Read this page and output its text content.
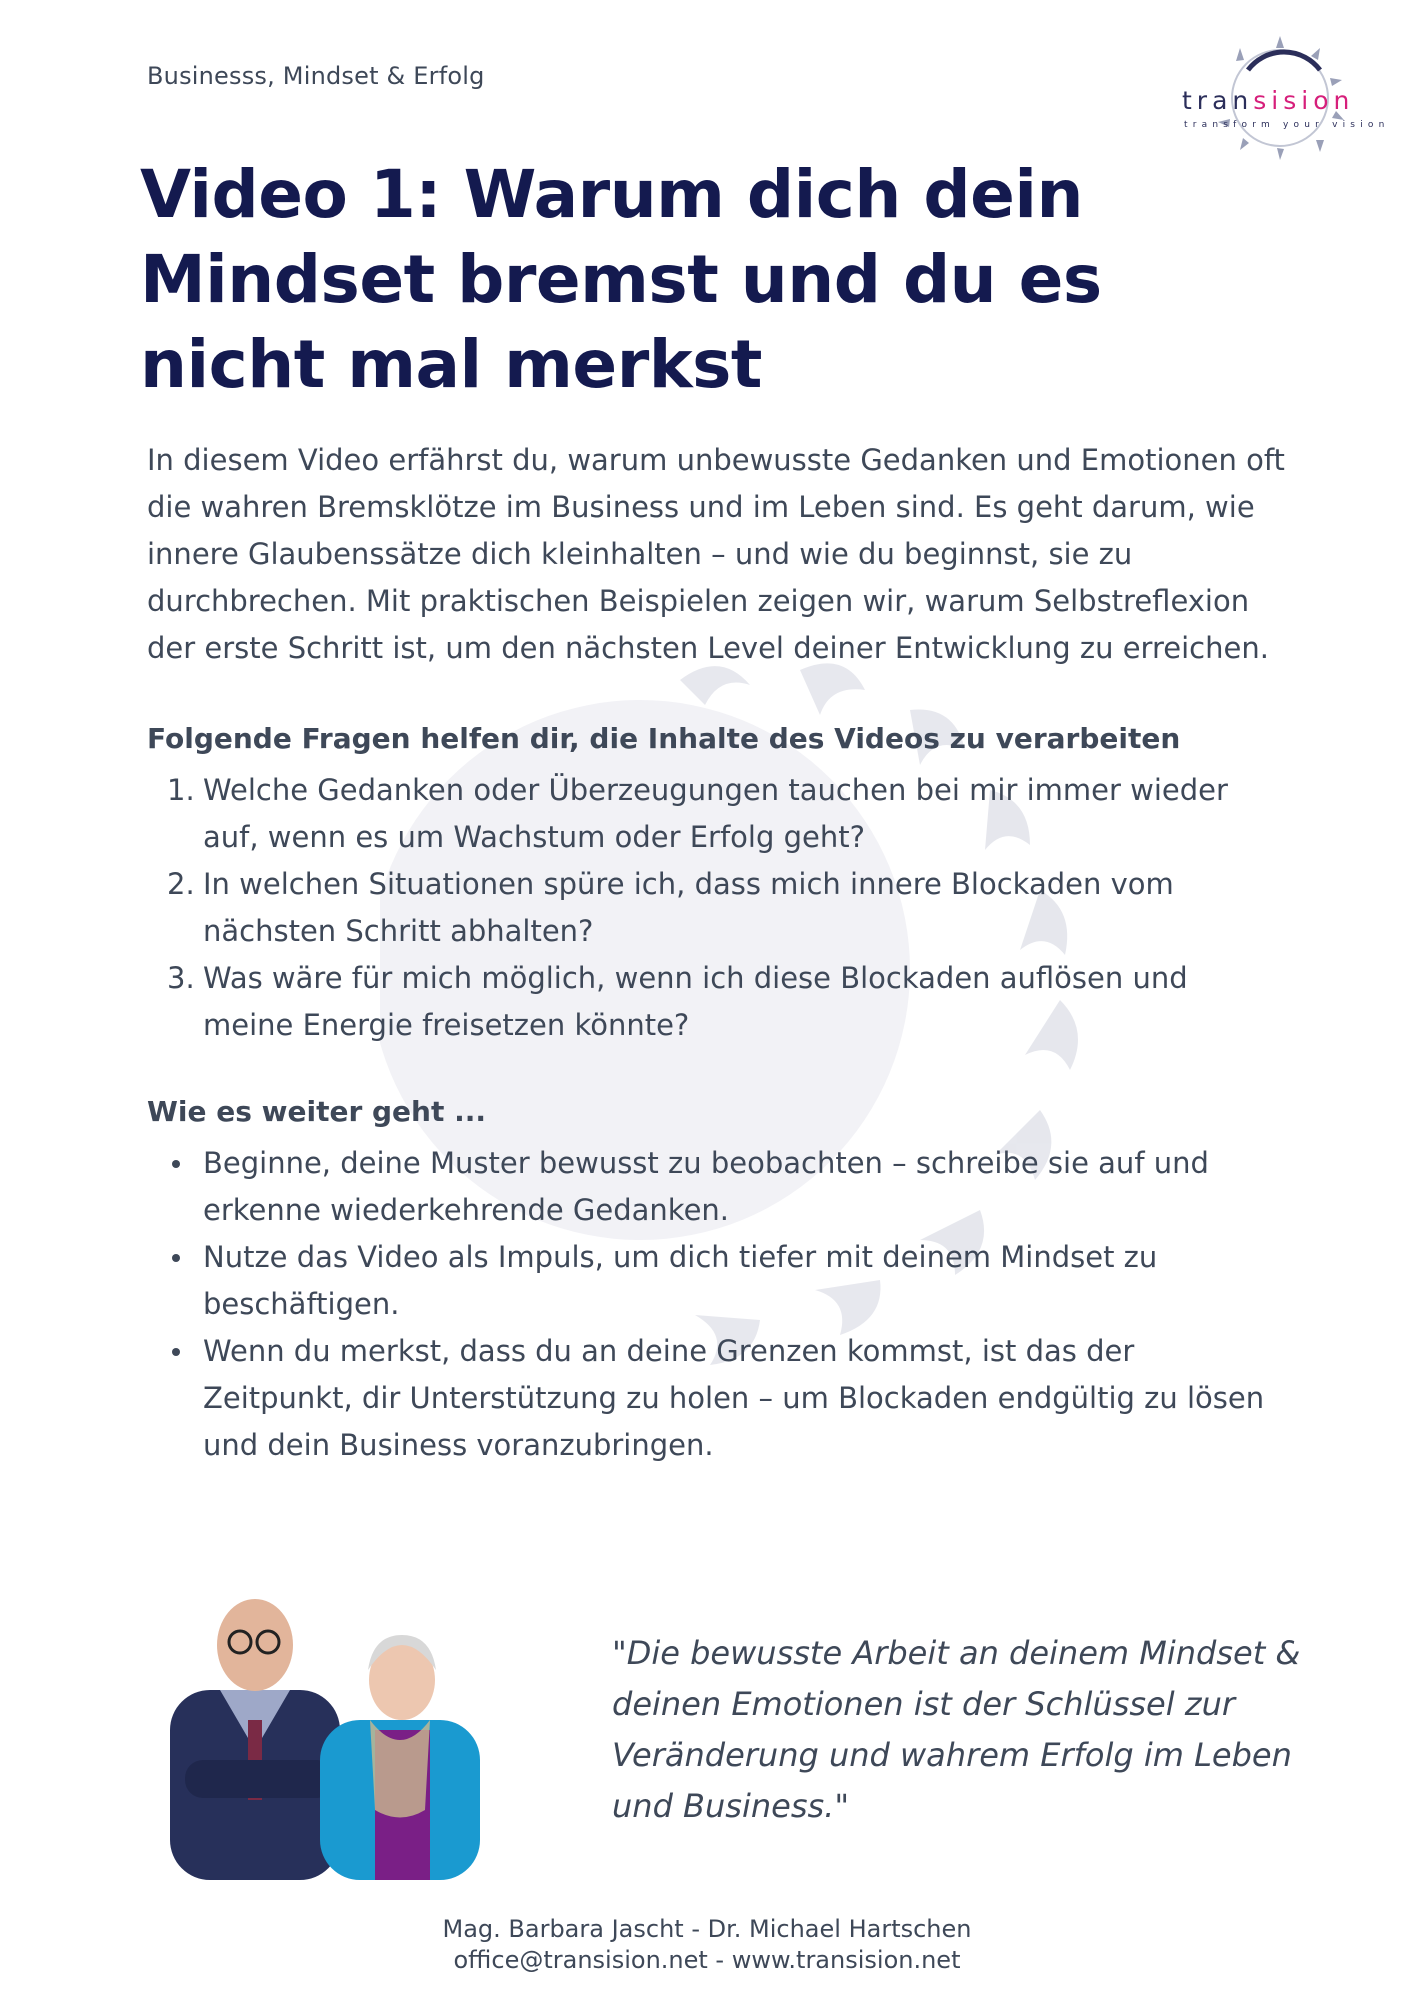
Businesss, Mindset & Erfolg
transision
transform your vision
Video 1: Warum dich dein Mindset bremst und du es nicht mal merkst

In diesem Video erfährst du, warum unbewusste Gedanken und Emotionen oft die wahren Bremsklötze im Business und im Leben sind. Es geht darum, wie innere Glaubenssätze dich kleinhalten – und wie du beginnst, sie zu durchbrechen. Mit praktischen Beispielen zeigen wir, warum Selbstreflexion der erste Schritt ist, um den nächsten Level deiner Entwicklung zu erreichen.

Folgende Fragen helfen dir, die Inhalte des Videos zu verarbeiten

1. Welche Gedanken oder Überzeugungen tauchen bei mir immer wieder auf, wenn es um Wachstum oder Erfolg geht?
2. In welchen Situationen spüre ich, dass mich innere Blockaden vom nächsten Schritt abhalten?
3. Was wäre für mich möglich, wenn ich diese Blockaden auflösen und meine Energie freisetzen könnte?

Wie es weiter geht ...

Beginne, deine Muster bewusst zu beobachten – schreibe sie auf und erkenne wiederkehrende Gedanken.
Nutze das Video als Impuls, um dich tiefer mit deinem Mindset zu beschäftigen.
Wenn du merkst, dass du an deine Grenzen kommst, ist das der Zeitpunkt, dir Unterstützung zu holen – um Blockaden endgültig zu lösen und dein Business voranzubringen.

"Die bewusste Arbeit an deinem Mindset & deinen Emotionen ist der Schlüssel zur Veränderung und wahrem Erfolg im Leben und Business."

Mag. Barbara Jascht - Dr. Michael Hartschen

office@transision.net - www.transision.net
